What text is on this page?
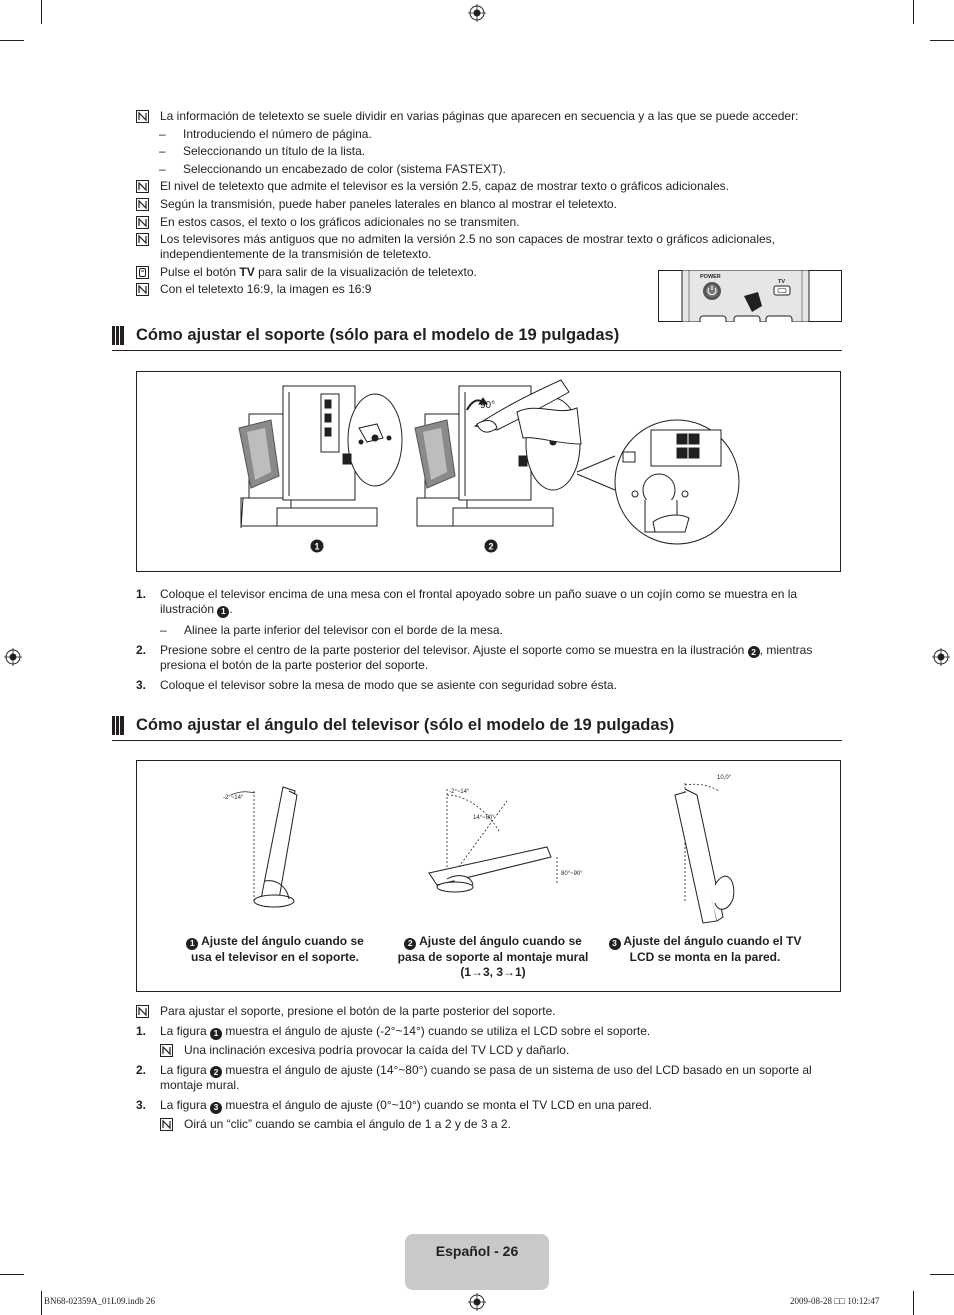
La información de teletexto se suele dividir en varias páginas que aparecen en secuencia y a las que se puede acceder:
–	Introduciendo el número de página.
–	Seleccionando un título de la lista.
–	Seleccionando un encabezado de color (sistema FASTEXT).
El nivel de teletexto que admite el televisor es la versión 2.5, capaz de mostrar texto o gráficos adicionales.
Según la transmisión, puede haber paneles laterales en blanco al mostrar el teletexto.
En estos casos, el texto o los gráficos adicionales no se transmiten.
Los televisores más antiguos que no admiten la versión 2.5 no son capaces de mostrar texto o gráficos adicionales, independientemente de la transmisión de teletexto.
Pulse el botón TV para salir de la visualización de teletexto.
Con el teletexto 16:9, la imagen es 16:9
POWER
TV
Cómo ajustar el soporte (sólo para el modelo de 19 pulgadas)
90°
1	2
1.	Coloque el televisor encima de una mesa con el frontal apoyado sobre un paño suave o un cojín como se muestra en la ilustración 1 .
–	Alinee la parte inferior del televisor con el borde de la mesa.
2.	Presione sobre el centro de la parte posterior del televisor. Ajuste el soporte como se muestra en la ilustración 2 , mientras presiona el botón de la parte posterior del soporte.
3.	Coloque el televisor sobre la mesa de modo que se asiente con seguridad sobre ésta.
Cómo ajustar el ángulo del televisor (sólo el modelo de 19 pulgadas)
-2°~14°
-2°~14°
14°~80°
80°~90°
10,0°
1 Ajuste del ángulo cuando se usa el televisor en el soporte.
2 Ajuste del ángulo cuando se pasa de soporte al montaje mural (1→3, 3→1)
3 Ajuste del ángulo cuando el TV LCD se monta en la pared.
Para ajustar el soporte, presione el botón de la parte posterior del soporte.
1.	La figura 1 muestra el ángulo de ajuste (-2°~14°) cuando se utiliza el LCD sobre el soporte.
Una inclinación excesiva podría provocar la caída del TV LCD y dañarlo.
2.	La figura 2 muestra el ángulo de ajuste (14°~80°) cuando se pasa de un sistema de uso del LCD basado en un soporte al montaje mural.
3.	La figura 3 muestra el ángulo de ajuste (0°~10°) cuando se monta el TV LCD en una pared.
Oirá un “clic” cuando se cambia el ángulo de 1 a 2 y de 3 a 2.
Español - 26
BN68-02359A_01L09.indb 26	2009-08-28 □□ 10:12:47
